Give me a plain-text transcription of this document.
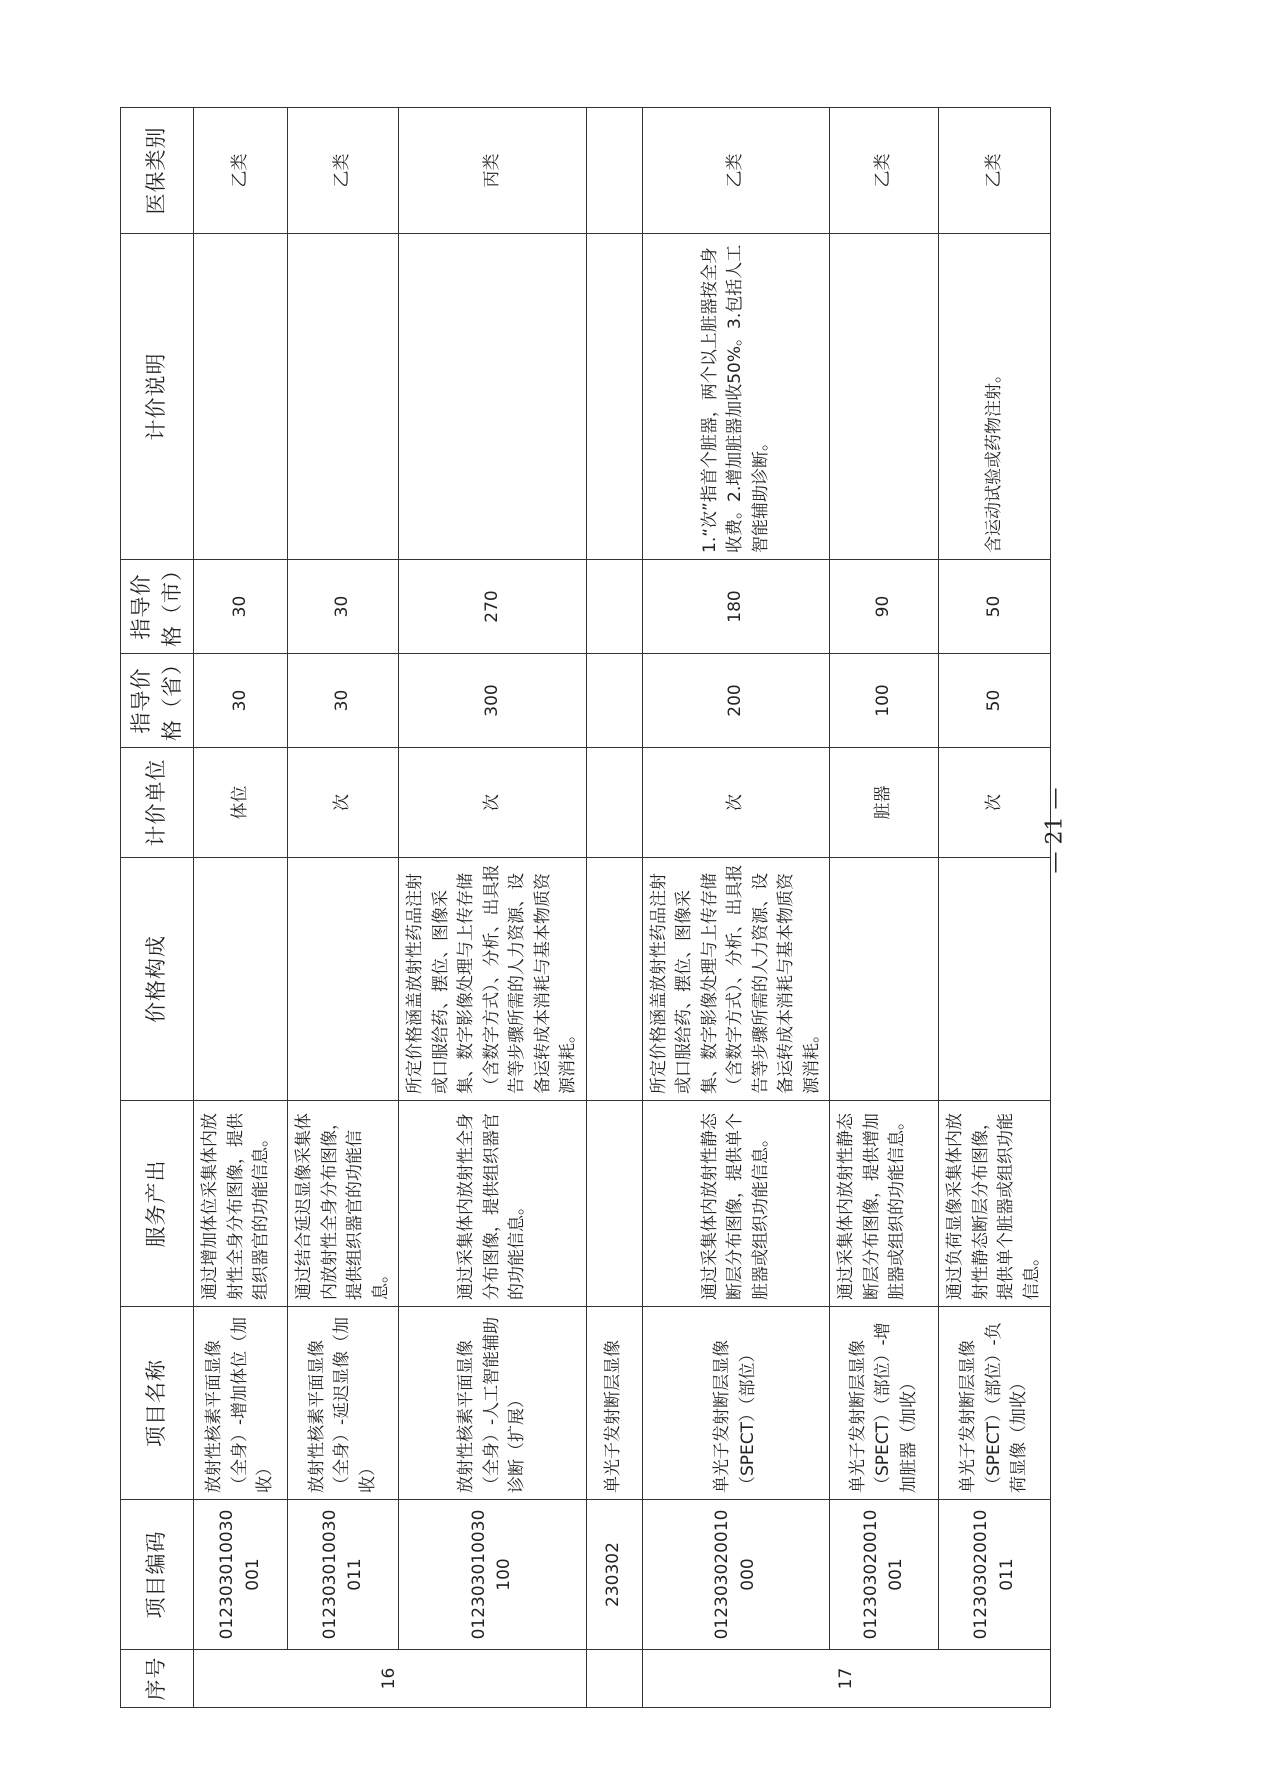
序号	项目编码	项目名称	服务产出	价格构成	计价单位	指导价格（省）	指导价格（市）	计价说明	医保类别
16	012303010030001	放射性核素平面显像（全身）-增加体位（加收）	通过增加体位采集体内放射性全身分布图像，提供组织器官的功能信息。		体位	30	30		乙类
	012303010030011	放射性核素平面显像（全身）-延迟显像（加收）	通过结合延迟显像采集体内放射性全身分布图像，提供组织器官的功能信息。		次	30	30		乙类
	012303010030100	放射性核素平面显像（全身）-人工智能辅助诊断（扩展）	通过采集体内放射性全身分布图像，提供组织器官的功能信息。	所定价格涵盖放射性药品注射或口服给药、摆位、图像采集、数字影像处理与上传存储（含数字方式）、分析、出具报告等步骤所需的人力资源、设备运转成本消耗与基本物质资源消耗。	次	300	270		丙类
	230302	单光子发射断层显像							
17	012303020010000	单光子发射断层显像（SPECT）（部位）	通过采集体内放射性静态断层分布图像，提供单个脏器或组织功能信息。	所定价格涵盖放射性药品注射或口服给药、摆位、图像采集、数字影像处理与上传存储（含数字方式）、分析、出具报告等步骤所需的人力资源、设备运转成本消耗与基本物质资源消耗。	次	200	180	1.“次”指首个脏器，两个以上脏器按全身收费。2.增加脏器加收50%。3.包括人工智能辅助诊断。	乙类
	012303020010001	单光子发射断层显像（SPECT）（部位）-增加脏器（加收）	通过采集体内放射性静态断层分布图像，提供增加脏器或组织的功能信息。		脏器	100	90		乙类
	012303020010011	单光子发射断层显像（SPECT）（部位）-负荷显像（加收）	通过负荷显像采集体内放射性静态断层分布图像，提供单个脏器或组织功能信息。		次	50	50	含运动试验或药物注射。	乙类
— 21 —
